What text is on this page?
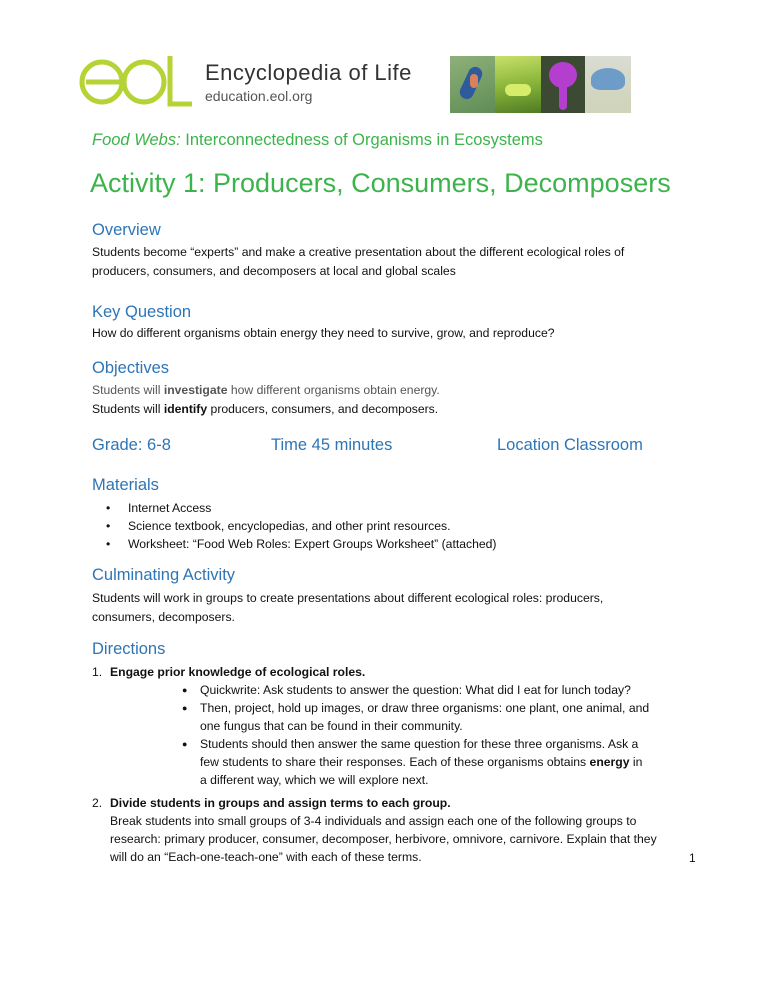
Encyclopedia of Life
education.eol.org
Food Webs: Interconnectedness of Organisms in Ecosystems
Activity 1: Producers, Consumers, Decomposers
Overview
Students become “experts” and make a creative presentation about the different ecological roles of producers, consumers, and decomposers at local and global scales
Key Question
How do different organisms obtain energy they need to survive, grow, and reproduce?
Objectives
Students will investigate how different organisms obtain energy.
Students will identify producers, consumers, and decomposers.
Grade: 6-8	Time 45 minutes	Location Classroom
Materials
• Internet Access
• Science textbook, encyclopedias, and other print resources.
• Worksheet: “Food Web Roles: Expert Groups Worksheet” (attached)
Culminating Activity
Students will work in groups to create presentations about different ecological roles: producers, consumers, decomposers.
Directions
1. Engage prior knowledge of ecological roles.
● Quickwrite: Ask students to answer the question: What did I eat for lunch today?
● Then, project, hold up images, or draw three organisms: one plant, one animal, and one fungus that can be found in their community.
● Students should then answer the same question for these three organisms. Ask a few students to share their responses. Each of these organisms obtains energy in a different way, which we will explore next.
2. Divide students in groups and assign terms to each group.
Break students into small groups of 3-4 individuals and assign each one of the following groups to research: primary producer, consumer, decomposer, herbivore, omnivore, carnivore. Explain that they will do an “Each-one-teach-one” with each of these terms.	1
